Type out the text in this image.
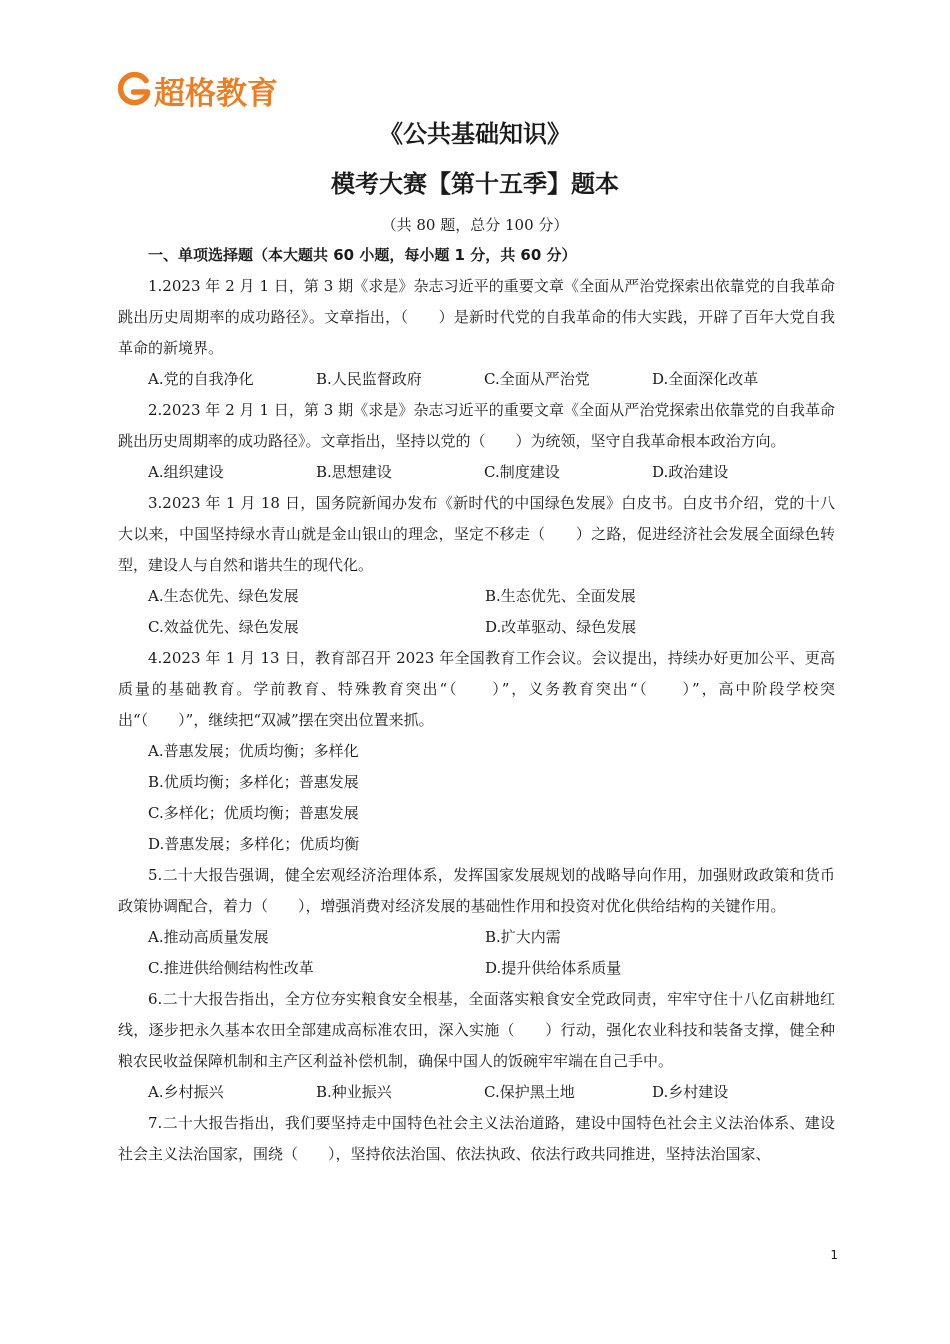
超格教育
《公共基础知识》
模考大赛【第十五季】题本
（共 80 题，总分 100 分）
一、单项选择题（本大题共 60 小题，每小题 1 分，共 60 分）
1.2023 年 2 月 1 日，第 3 期《求是》杂志习近平的重要文章《全面从严治党探索出依靠党的自我革命跳出历史周期率的成功路径》。文章指出，（　　）是新时代党的自我革命的伟大实践，开辟了百年大党自我革命的新境界。
A.党的自我净化	B.人民监督政府	C.全面从严治党	D.全面深化改革
2.2023 年 2 月 1 日，第 3 期《求是》杂志习近平的重要文章《全面从严治党探索出依靠党的自我革命跳出历史周期率的成功路径》。文章指出，坚持以党的（　　）为统领，坚守自我革命根本政治方向。
A.组织建设	B.思想建设	C.制度建设	D.政治建设
3.2023 年 1 月 18 日，国务院新闻办发布《新时代的中国绿色发展》白皮书。白皮书介绍，党的十八大以来，中国坚持绿水青山就是金山银山的理念，坚定不移走（　　）之路，促进经济社会发展全面绿色转型，建设人与自然和谐共生的现代化。
A.生态优先、绿色发展	B.生态优先、全面发展
C.效益优先、绿色发展	D.改革驱动、绿色发展
4.2023 年 1 月 13 日，教育部召开 2023 年全国教育工作会议。会议提出，持续办好更加公平、更高质量的基础教育。学前教育、特殊教育突出“（　　）”，义务教育突出“（　　）”，高中阶段学校突出“（　　）”，继续把“双减”摆在突出位置来抓。
A.普惠发展；优质均衡；多样化
B.优质均衡；多样化；普惠发展
C.多样化；优质均衡；普惠发展
D.普惠发展；多样化；优质均衡
5.二十大报告强调，健全宏观经济治理体系，发挥国家发展规划的战略导向作用，加强财政政策和货币政策协调配合，着力（　　），增强消费对经济发展的基础性作用和投资对优化供给结构的关键作用。
A.推动高质量发展	B.扩大内需
C.推进供给侧结构性改革	D.提升供给体系质量
6.二十大报告指出，全方位夯实粮食安全根基，全面落实粮食安全党政同责，牢牢守住十八亿亩耕地红线，逐步把永久基本农田全部建成高标准农田，深入实施（　　）行动，强化农业科技和装备支撑，健全种粮农民收益保障机制和主产区利益补偿机制，确保中国人的饭碗牢牢端在自己手中。
A.乡村振兴	B.种业振兴	C.保护黑土地	D.乡村建设
7.二十大报告指出，我们要坚持走中国特色社会主义法治道路，建设中国特色社会主义法治体系、建设社会主义法治国家，围绕（　　），坚持依法治国、依法执政、依法行政共同推进，坚持法治国家、
1
